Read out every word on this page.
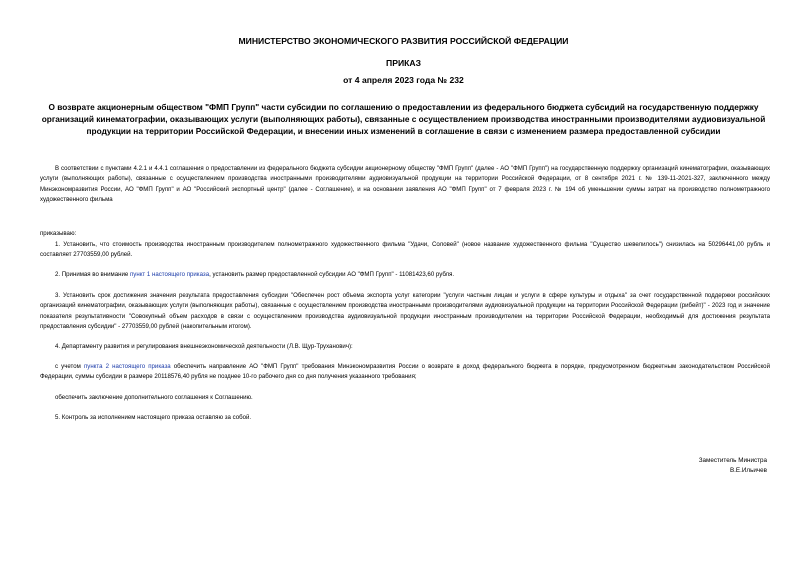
МИНИСТЕРСТВО ЭКОНОМИЧЕСКОГО РАЗВИТИЯ РОССИЙСКОЙ ФЕДЕРАЦИИ
ПРИКАЗ
от 4 апреля 2023 года № 232
О возврате акционерным обществом "ФМП Групп" части субсидии по соглашению о предоставлении из федерального бюджета субсидий на государственную поддержку организаций кинематографии, оказывающих услуги (выполняющих работы), связанные с осуществлением производства иностранными производителями аудиовизуальной продукции на территории Российской Федерации, и внесении иных изменений в соглашение в связи с изменением размера предоставленной субсидии
В соответствии с пунктами 4.2.1 и 4.4.1 соглашения о предоставлении из федерального бюджета субсидии акционерному обществу "ФМП Групп" (далее - АО "ФМП Групп") на государственную поддержку организаций кинематографии, оказывающих услуги (выполняющих работы), связанные с осуществлением производства иностранными производителями аудиовизуальной продукции на территории Российской Федерации, от 8 сентября 2021 г. № 139-11-2021-327, заключенного между Минэкономразвития России, АО "ФМП Групп" и АО "Российский экспортный центр" (далее - Соглашение), и на основании заявления АО "ФМП Групп" от 7 февраля 2023 г. № 194 об уменьшении суммы затрат на производство полнометражного художественного фильма
приказываю:
1. Установить, что стоимость производства иностранным производителем полнометражного художественного фильма "Удачи, Соловей" (новое название художественного фильма "Существо шевелилось") снизилась на 50296441,00 рубль и составляет 27703559,00 рублей.
2. Принимая во внимание пункт 1 настоящего приказа, установить размер предоставленной субсидии АО "ФМП Групп" - 11081423,60 рубля.
3. Установить срок достижения значения результата предоставления субсидии "Обеспечен рост объема экспорта услуг категории "услуги частным лицам и услуги в сфере культуры и отдыха" за счет государственной поддержки российских организаций кинематографии, оказывающих услуги (выполняющих работы), связанные с осуществлением производства иностранными производителями аудиовизуальной продукции на территории Российской Федерации (рибейт)" - 2023 год и значение показателя результативности "Совокупный объем расходов в связи с осуществлением производства аудиовизуальной продукции иностранным производителем на территории Российской Федерации, необходимый для достижения результата предоставления субсидии" - 27703559,00 рублей (накопительным итогом).
4. Департаменту развития и регулирования внешнеэкономической деятельности (Л.В. Щур-Труханович):
с учетом пункта 2 настоящего приказа обеспечить направление АО "ФМП Групп" требования Минэкономразвития России о возврате в доход федерального бюджета в порядке, предусмотренном бюджетным законодательством Российской Федерации, суммы субсидии в размере 20118576,40 рубля не позднее 10-го рабочего дня со дня получения указанного требования;
обеспечить заключение дополнительного соглашения к Соглашению.
5. Контроль за исполнением настоящего приказа оставляю за собой.
Заместитель Министра
В.Е.Ильичев
